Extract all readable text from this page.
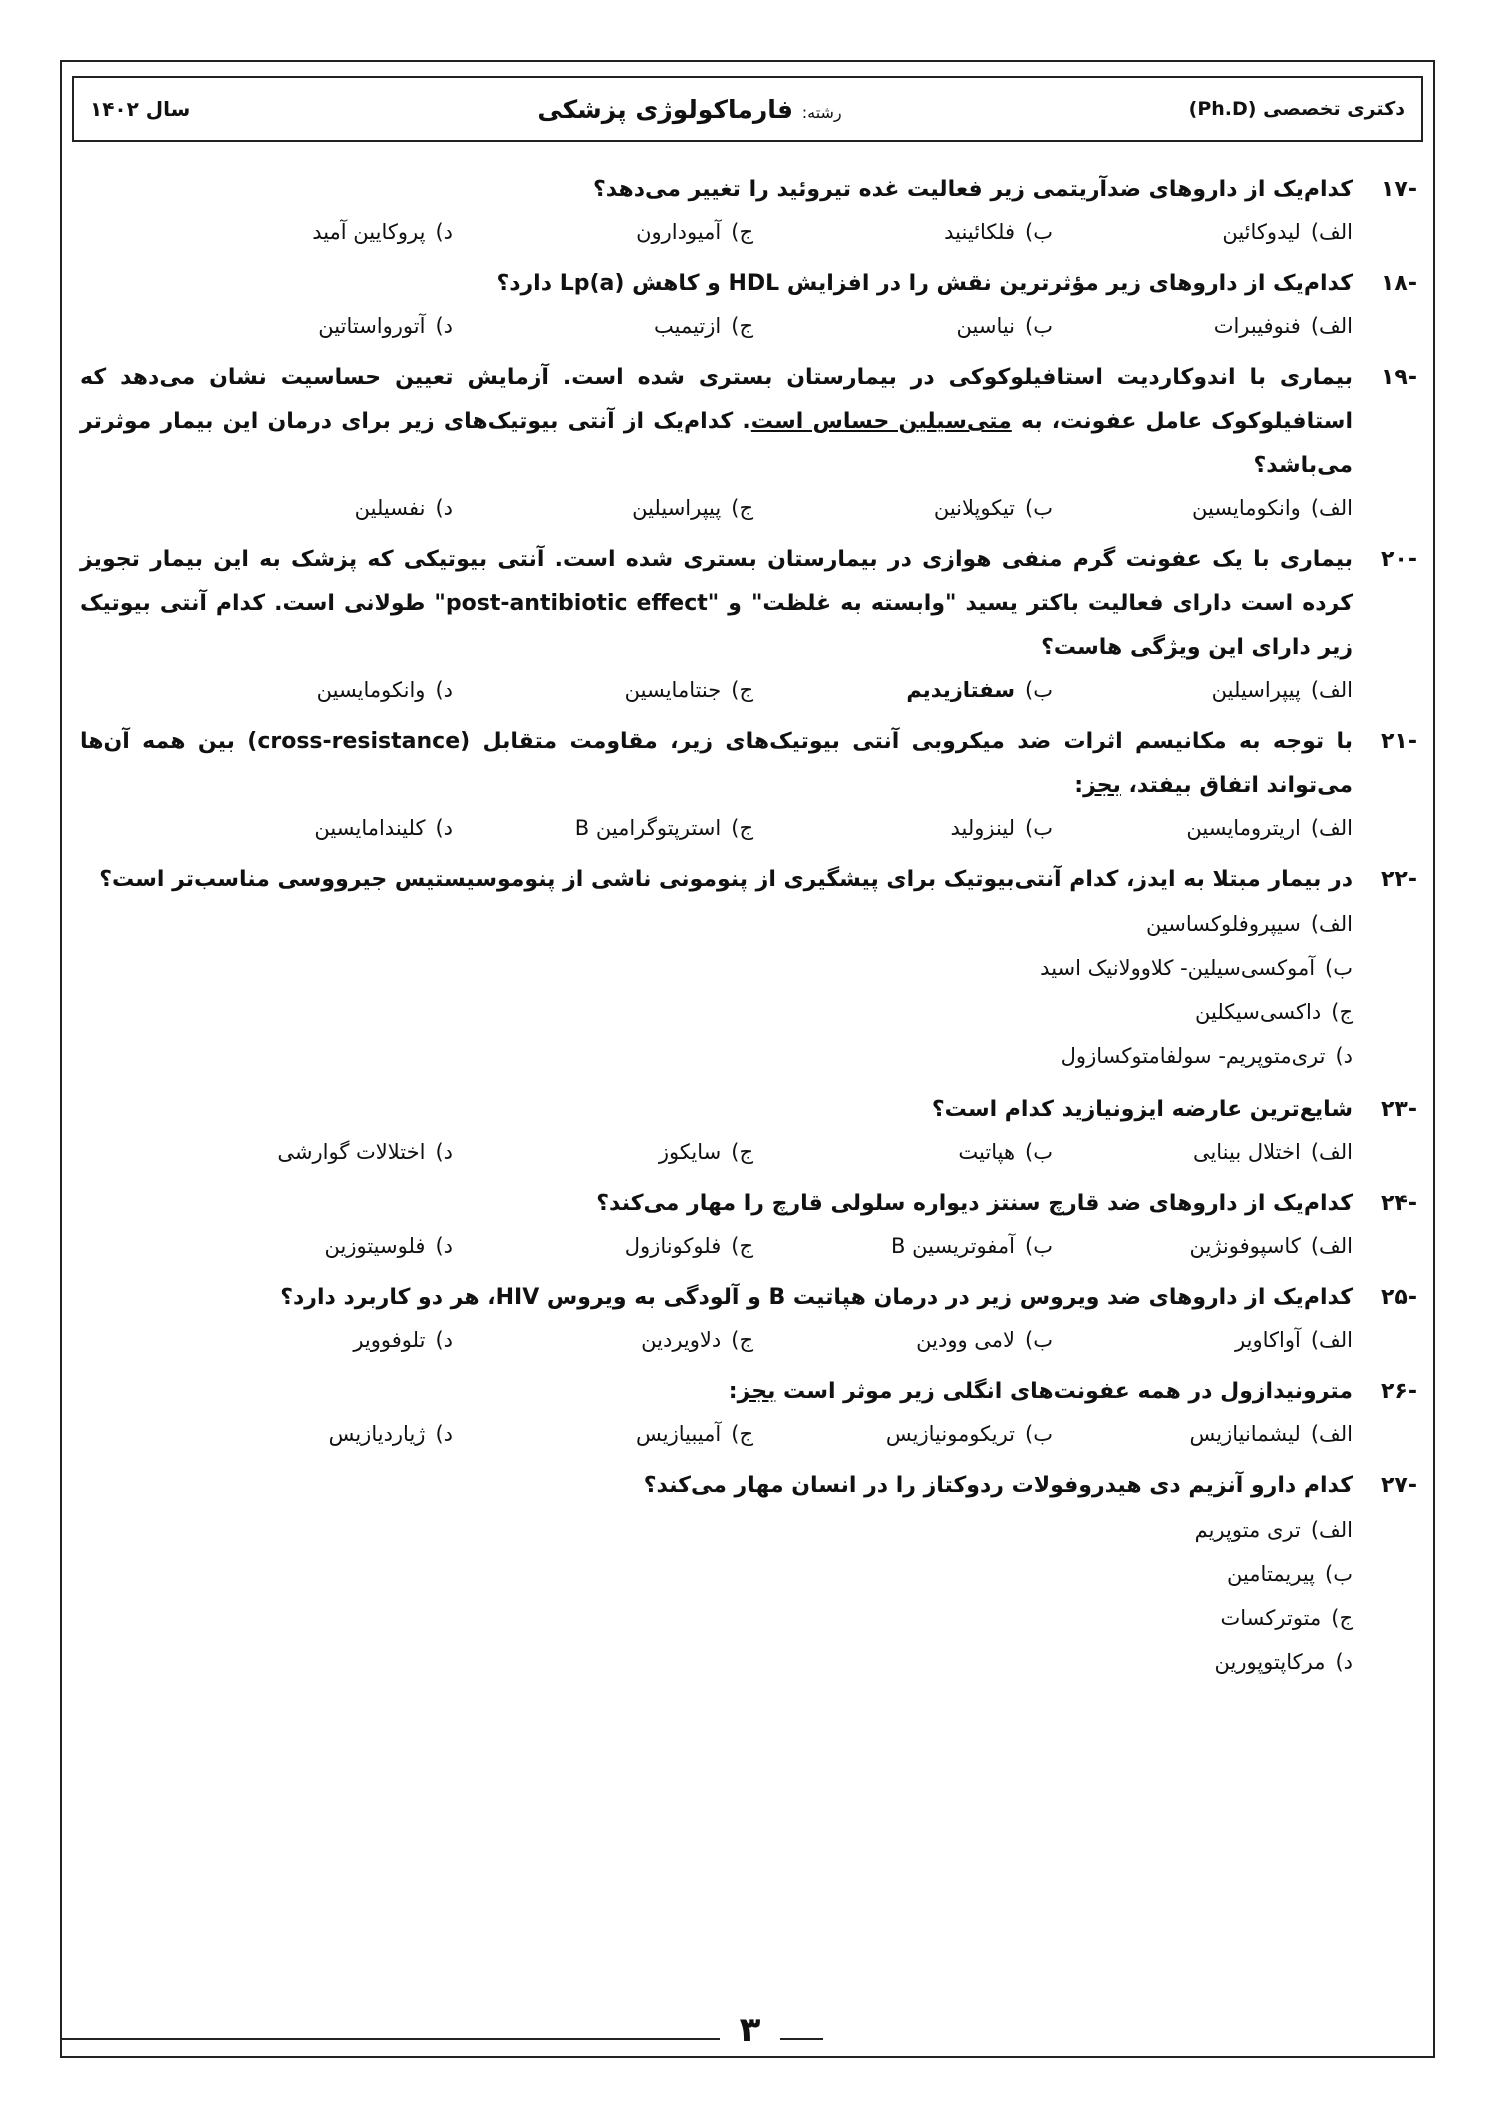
دکتری تخصصی (Ph.D)
رشته: فارماکولوژی پزشکی
سال ۱۴۰۲
-۱۷
کدام‌یک از داروهای ضدآریتمی زیر فعالیت غده تیروئید را تغییر می‌دهد؟
الف)لیدوکائین
ب)فلکائینید
ج)آمیودارون
د)پروکایین آمید
-۱۸
کدام‌یک از داروهای زیر مؤثرترین نقش را در افزایش HDL و کاهش Lp(a) دارد؟
الف)فنوفیبرات
ب)نیاسین
ج)ازتیمیب
د)آتورواستاتین
-۱۹
بیماری با اندوکاردیت استافیلوکوکی در بیمارستان بستری شده است. آزمایش تعیین حساسیت نشان می‌دهد که استافیلوکوک عامل عفونت، به متی‌سیلین حساس است. کدام‌یک از آنتی بیوتیک‌های زیر برای درمان این بیمار موثرتر می‌باشد؟
الف)وانکومایسین
ب)تیکوپلانین
ج)پیپراسیلین
د)نفسیلین
-۲۰
بیماری با یک عفونت گرم منفی هوازی در بیمارستان بستری شده است. آنتی بیوتیکی که پزشک به این بیمار تجویز کرده است دارای فعالیت باکتر یسید "وابسته به غلظت" و "post-antibiotic effect" طولانی است. کدام آنتی بیوتیک زیر دارای این ویژگی هاست؟
الف)پیپراسیلین
ب)سفتازیدیم
ج)جنتامایسین
د)وانکومایسین
-۲۱
با توجه به مکانیسم اثرات ضد میکروبی آنتی بیوتیک‌های زیر، مقاومت متقابل (cross-resistance) بین همه آن‌ها می‌تواند اتفاق بیفتد، بجز:
الف)اریترومایسین
ب)لینزولید
ج)استرپتوگرامین B
د)کلیندامایسین
-۲۲
در بیمار مبتلا به ایدز، کدام آنتی‌بیوتیک برای پیشگیری از پنومونی ناشی از پنوموسیستیس جیرووسی مناسب‌تر است؟
الف)سیپروفلوکساسین
ب)آموکسی‌سیلین- کلاوولانیک اسید
ج)داکسی‌سیکلین
د)تری‌متوپریم- سولفامتوکسازول
-۲۳
شایع‌ترین عارضه ایزونیازید کدام است؟
الف)اختلال بینایی
ب)هپاتیت
ج)سایکوز
د)اختلالات گوارشی
-۲۴
کدام‌یک از داروهای ضد قارچ سنتز دیواره سلولی قارچ را مهار می‌کند؟
الف)کاسپوفونژین
ب)آمفوتریسین B
ج)فلوکونازول
د)فلوسیتوزین
-۲۵
کدام‌یک از داروهای ضد ویروس زیر در درمان هپاتیت B و آلودگی به ویروس HIV، هر دو کاربرد دارد؟
الف)آواکاویر
ب)لامی وودین
ج)دلاویردین
د)تلوفوویر
-۲۶
مترونیدازول در همه عفونت‌های انگلی زیر موثر است بجز:
الف)لیشمانیازیس
ب)تریکومونیازیس
ج)آمیبیازیس
د)ژیاردیازیس
-۲۷
کدام دارو آنزیم دی هیدروفولات ردوکتاز را در انسان مهار می‌کند؟
الف)تری متوپریم
ب)پیریمتامین
ج)متوترکسات
د)مرکاپتوپورین
۳
